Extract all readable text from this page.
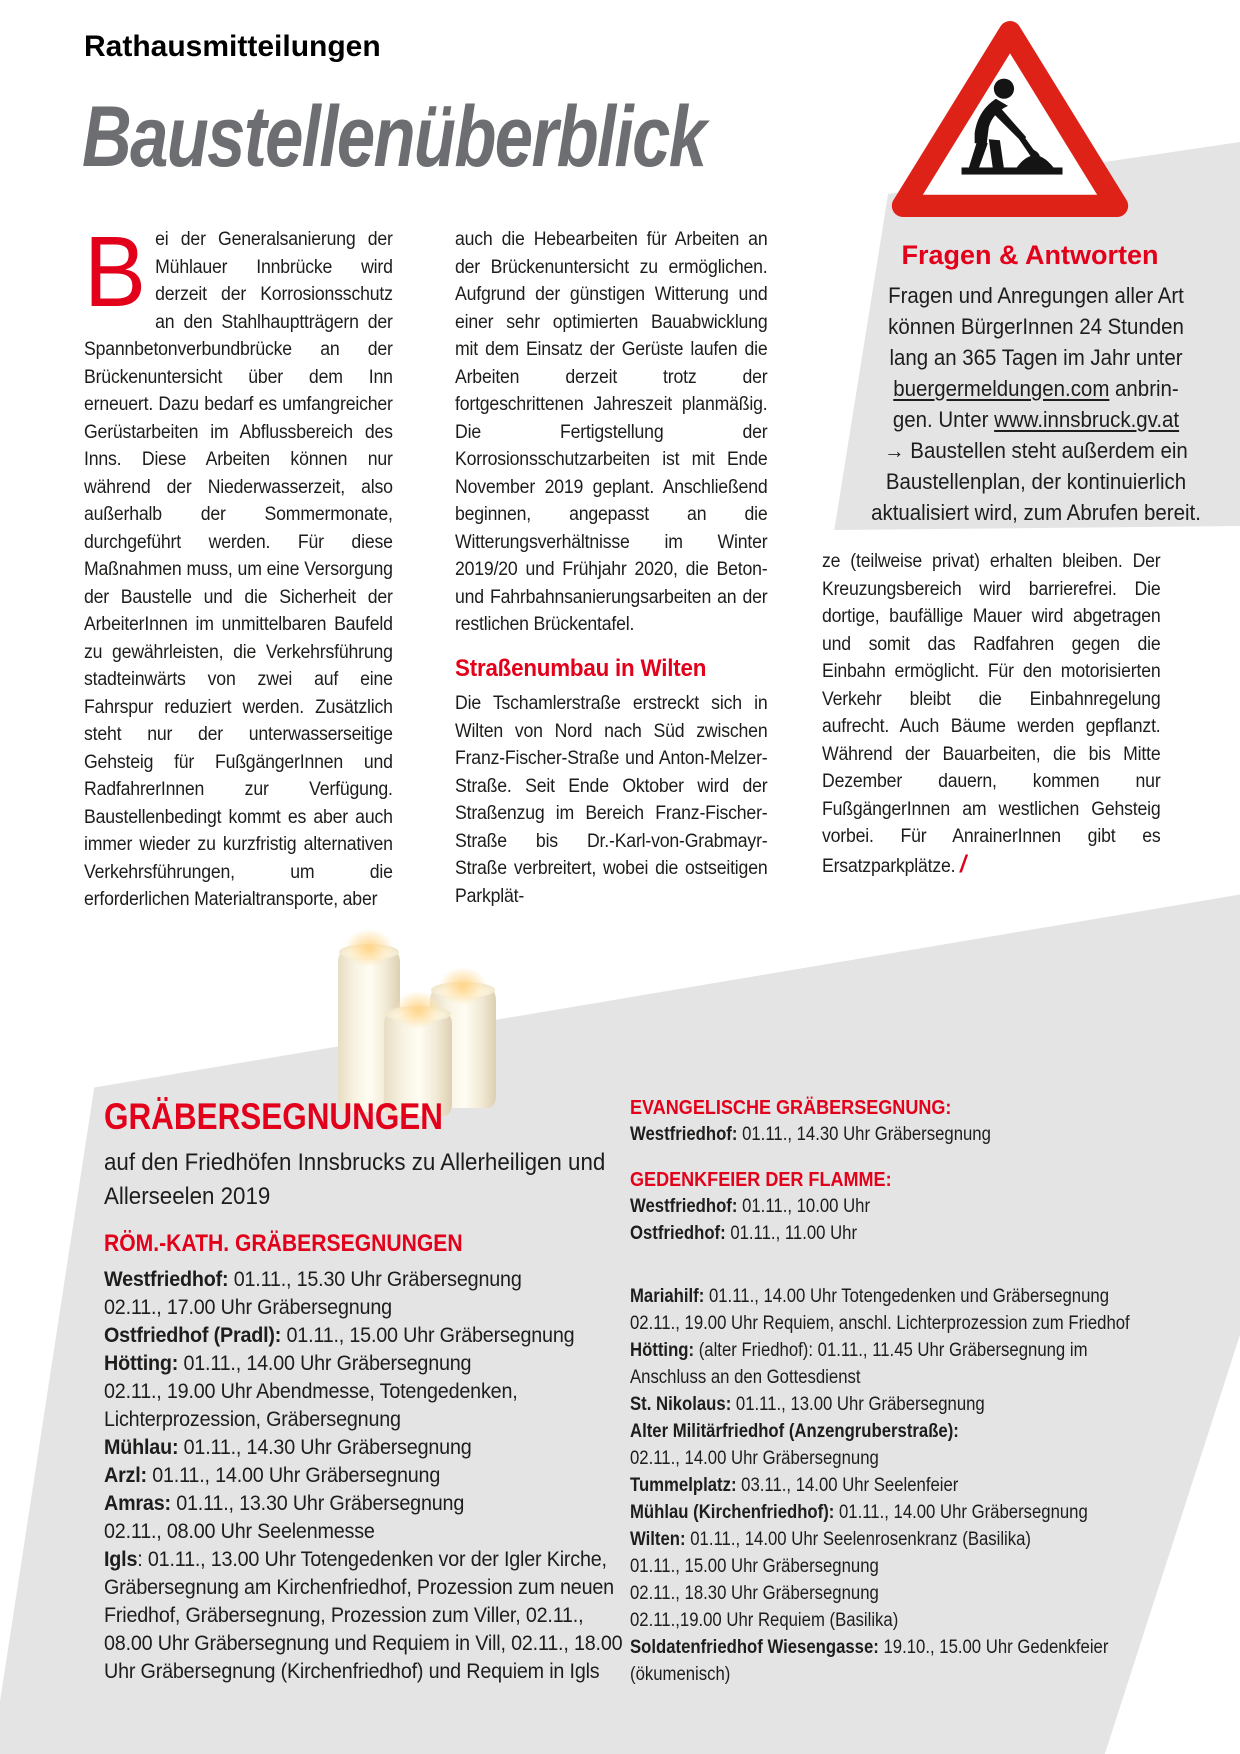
Rathausmitteilungen
Baustellenüberblick
Fragen & Antworten
Fragen und Anregungen aller Art
können BürgerInnen 24 Stunden
lang an 365 Tagen im Jahr unter
buergermeldungen.com anbrin-
gen. Unter www.innsbruck.gv.at
→ Baustellen steht außerdem ein
Baustellenplan, der kontinuierlich
aktualisiert wird, zum Abrufen bereit.

Bei der Generalsanierung der Mühlauer Innbrücke wird derzeit der Korrosionsschutz an den Stahlhauptträgern der Spannbetonverbundbrücke an der Brückenuntersicht über dem Inn erneuert. Dazu bedarf es umfangreicher Gerüstarbeiten im Abflussbereich des Inns. Diese Arbeiten können nur während der Niederwasserzeit, also außerhalb der Sommermonate, durchgeführt werden. Für diese Maßnahmen muss, um eine Versorgung der Baustelle und die Sicherheit der ArbeiterInnen im unmittelbaren Baufeld zu gewährleisten, die Verkehrsführung stadteinwärts von zwei auf eine Fahrspur reduziert werden. Zusätzlich steht nur der unterwasserseitige Gehsteig für FußgängerInnen und RadfahrerInnen zur Verfügung. Baustellenbedingt kommt es aber auch immer wieder zu kurzfristig alternativen Verkehrsführungen, um die erforderlichen Materialtransporte, aber

auch die Hebearbeiten für Arbeiten an der Brückenuntersicht zu ermöglichen. Aufgrund der günstigen Witterung und einer sehr optimierten Bauabwicklung mit dem Einsatz der Gerüste laufen die Arbeiten derzeit trotz der fortgeschrittenen Jahreszeit planmäßig. Die Fertigstellung der Korrosionsschutzarbeiten ist mit Ende November 2019 geplant. Anschließend beginnen, angepasst an die Witterungsverhältnisse im Winter 2019/20 und Frühjahr 2020, die Beton- und Fahrbahnsanierungsarbeiten an der restlichen Brückentafel.

Straßenumbau in Wilten

Die Tschamlerstraße erstreckt sich in Wilten von Nord nach Süd zwischen Franz-Fischer-Straße und Anton-Melzer-Straße. Seit Ende Oktober wird der Straßenzug im Bereich Franz-Fischer-Straße bis Dr.-Karl-von-Grabmayr-Straße verbreitert, wobei die ostseitigen Parkplät-

ze (teilweise privat) erhalten bleiben. Der Kreuzungsbereich wird barrierefrei. Die dortige, baufällige Mauer wird abgetragen und somit das Radfahren gegen die Einbahn ermöglicht. Für den motorisierten Verkehr bleibt die Einbahnregelung aufrecht. Auch Bäume werden gepflanzt. Während der Bauarbeiten, die bis Mitte Dezember dauern, kommen nur FußgängerInnen am westlichen Gehsteig vorbei. Für AnrainerInnen gibt es Ersatzparkplätze. /

GRÄBERSEGNUNGEN
auf den Friedhöfen Innsbrucks zu Allerheiligen und Allerseelen 2019
RÖM.-KATH. GRÄBERSEGNUNGEN
Westfriedhof: 01.11., 15.30 Uhr Gräbersegnung
02.11., 17.00 Uhr Gräbersegnung
Ostfriedhof (Pradl): 01.11., 15.00 Uhr Gräbersegnung
Hötting: 01.11., 14.00 Uhr Gräbersegnung
02.11., 19.00 Uhr Abendmesse, Totengedenken,
Lichterprozession, Gräbersegnung
Mühlau: 01.11., 14.30 Uhr Gräbersegnung
Arzl: 01.11., 14.00 Uhr Gräbersegnung
Amras: 01.11., 13.30 Uhr Gräbersegnung
02.11., 08.00 Uhr Seelenmesse
Igls: 01.11., 13.00 Uhr Totengedenken vor der Igler Kirche, Gräbersegnung am Kirchenfriedhof, Prozession zum neuen Friedhof, Gräbersegnung, Prozession zum Viller, 02.11., 08.00 Uhr Gräbersegnung und Requiem in Vill, 02.11., 18.00 Uhr Gräbersegnung (Kirchenfriedhof) und Requiem in Igls
EVANGELISCHE GRÄBERSEGNUNG:
Westfriedhof: 01.11., 14.30 Uhr Gräbersegnung
GEDENKFEIER DER FLAMME:
Westfriedhof: 01.11., 10.00 Uhr
Ostfriedhof: 01.11., 11.00 Uhr
Mariahilf: 01.11., 14.00 Uhr Totengedenken und Gräbersegnung
02.11., 19.00 Uhr Requiem, anschl. Lichterprozession zum Friedhof
Hötting: (alter Friedhof): 01.11., 11.45 Uhr Gräbersegnung im Anschluss an den Gottesdienst
St. Nikolaus: 01.11., 13.00 Uhr Gräbersegnung
Alter Militärfriedhof (Anzengruberstraße):
02.11., 14.00 Uhr Gräbersegnung
Tummelplatz: 03.11., 14.00 Uhr Seelenfeier
Mühlau (Kirchenfriedhof): 01.11., 14.00 Uhr Gräbersegnung
Wilten: 01.11., 14.00 Uhr Seelenrosenkranz (Basilika)
01.11., 15.00 Uhr Gräbersegnung
02.11., 18.30 Uhr Gräbersegnung
02.11.,19.00 Uhr Requiem (Basilika)
Soldatenfriedhof Wiesengasse: 19.10., 15.00 Uhr Gedenkfeier (ökumenisch)
